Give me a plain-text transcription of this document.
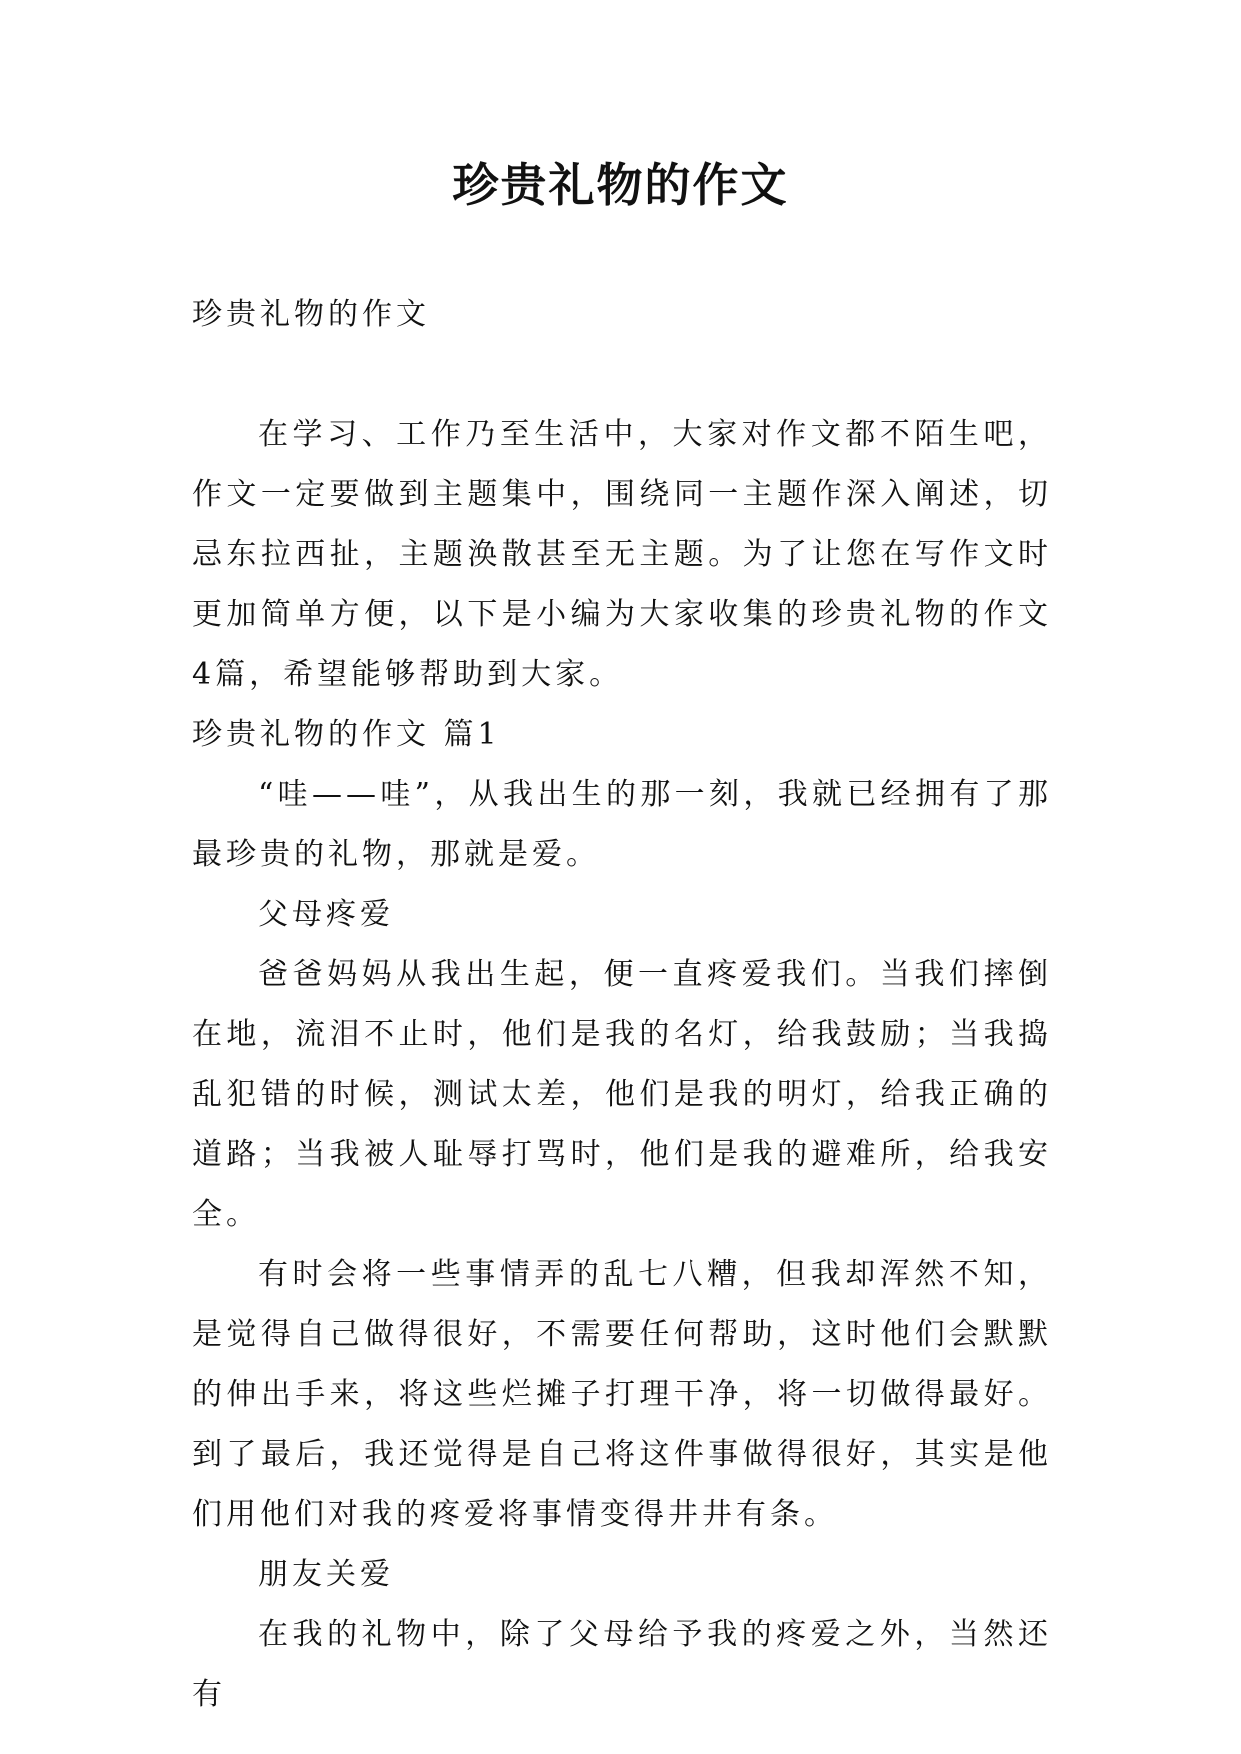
珍贵礼物的作文

珍贵礼物的作文

在学习、工作乃至生活中，大家对作文都不陌生吧，作文一定要做到主题集中，围绕同一主题作深入阐述，切忌东拉西扯，主题涣散甚至无主题。为了让您在写作文时更加简单方便，以下是小编为大家收集的珍贵礼物的作文4篇，希望能够帮助到大家。

珍贵礼物的作文 篇1

“哇——哇”，从我出生的那一刻，我就已经拥有了那最珍贵的礼物，那就是爱。

父母疼爱

爸爸妈妈从我出生起，便一直疼爱我们。当我们摔倒在地，流泪不止时，他们是我的名灯，给我鼓励；当我捣乱犯错的时候，测试太差，他们是我的明灯，给我正确的道路；当我被人耻辱打骂时，他们是我的避难所，给我安全。

有时会将一些事情弄的乱七八糟，但我却浑然不知，是觉得自己做得很好，不需要任何帮助，这时他们会默默的伸出手来，将这些烂摊子打理干净，将一切做得最好。到了最后，我还觉得是自己将这件事做得很好，其实是他们用他们对我的疼爱将事情变得井井有条。

朋友关爱

在我的礼物中，除了父母给予我的疼爱之外，当然还有
